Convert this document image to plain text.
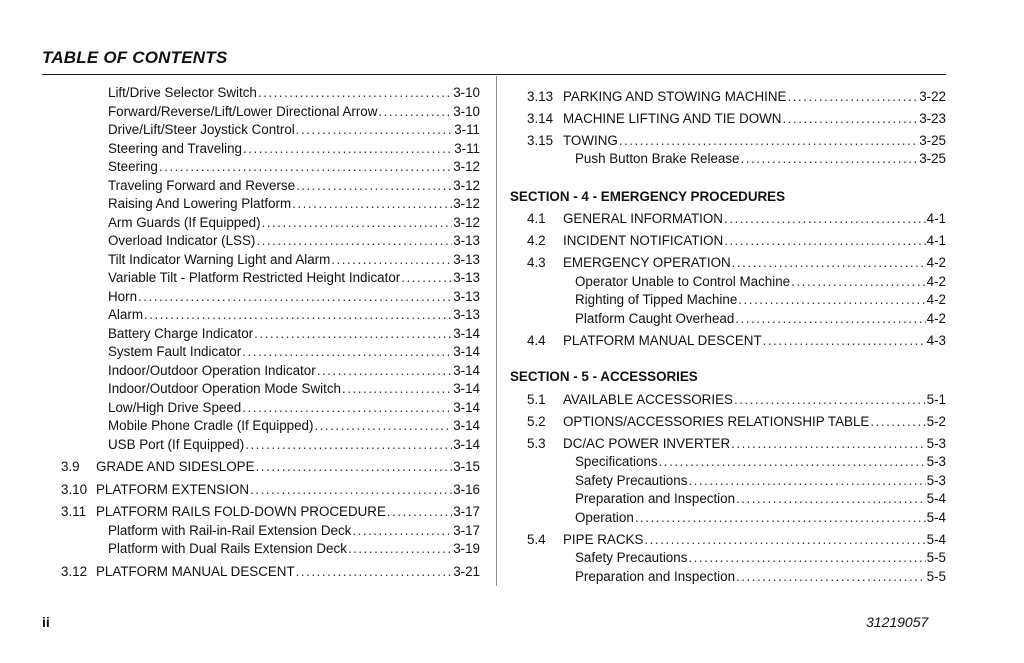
TABLE OF CONTENTS
Lift/Drive Selector Switch . . .	3-10
Forward/Reverse/Lift/Lower Directional Arrow . . .	3-10
Drive/Lift/Steer Joystick Control . . .	3-11
Steering and Traveling . . .	3-11
Steering . . .	3-12
Traveling Forward and Reverse . . .	3-12
Raising And Lowering Platform . . .	3-12
Arm Guards (If Equipped) . . .	3-12
Overload Indicator (LSS) . . .	3-13
Tilt Indicator Warning Light and Alarm . . .	3-13
Variable Tilt - Platform Restricted Height Indicator . . .	3-13
Horn . . .	3-13
Alarm . . .	3-13
Battery Charge Indicator . . .	3-14
System Fault Indicator . . .	3-14
Indoor/Outdoor Operation Indicator . . .	3-14
Indoor/Outdoor Operation Mode Switch . . .	3-14
Low/High Drive Speed . . .	3-14
Mobile Phone Cradle (If Equipped) . . .	3-14
USB Port (If Equipped) . . .	3-14
3.9	GRADE AND SIDESLOPE . . .	3-15
3.10 PLATFORM EXTENSION . . .	3-16
3.11 PLATFORM RAILS FOLD-DOWN PROCEDURE . . .	3-17
Platform with Rail-in-Rail Extension Deck . . .	3-17
Platform with Dual Rails Extension Deck . . .	3-19
3.12 PLATFORM MANUAL DESCENT . . .	3-21
3.13 PARKING AND STOWING MACHINE . . .	3-22
3.14 MACHINE LIFTING AND TIE DOWN . . .	3-23
3.15 TOWING . . .	3-25
Push Button Brake Release . . .	3-25
SECTION - 4 - EMERGENCY PROCEDURES
4.1	GENERAL INFORMATION . . .	4-1
4.2	INCIDENT NOTIFICATION . . .	4-1
4.3	EMERGENCY OPERATION . . .	4-2
Operator Unable to Control Machine . . .	4-2
Righting of Tipped Machine . . .	4-2
Platform Caught Overhead . . .	4-2
4.4	PLATFORM MANUAL DESCENT . . .	4-3
SECTION - 5 - ACCESSORIES
5.1	AVAILABLE ACCESSORIES . . .	5-1
5.2	OPTIONS/ACCESSORIES RELATIONSHIP TABLE . . .	5-2
5.3	DC/AC POWER INVERTER . . .	5-3
Specifications . . .	5-3
Safety Precautions . . .	5-3
Preparation and Inspection . . .	5-4
Operation . . .	5-4
5.4	PIPE RACKS . . .	5-4
Safety Precautions . . .	5-5
Preparation and Inspection . . .	5-5
ii	31219057
